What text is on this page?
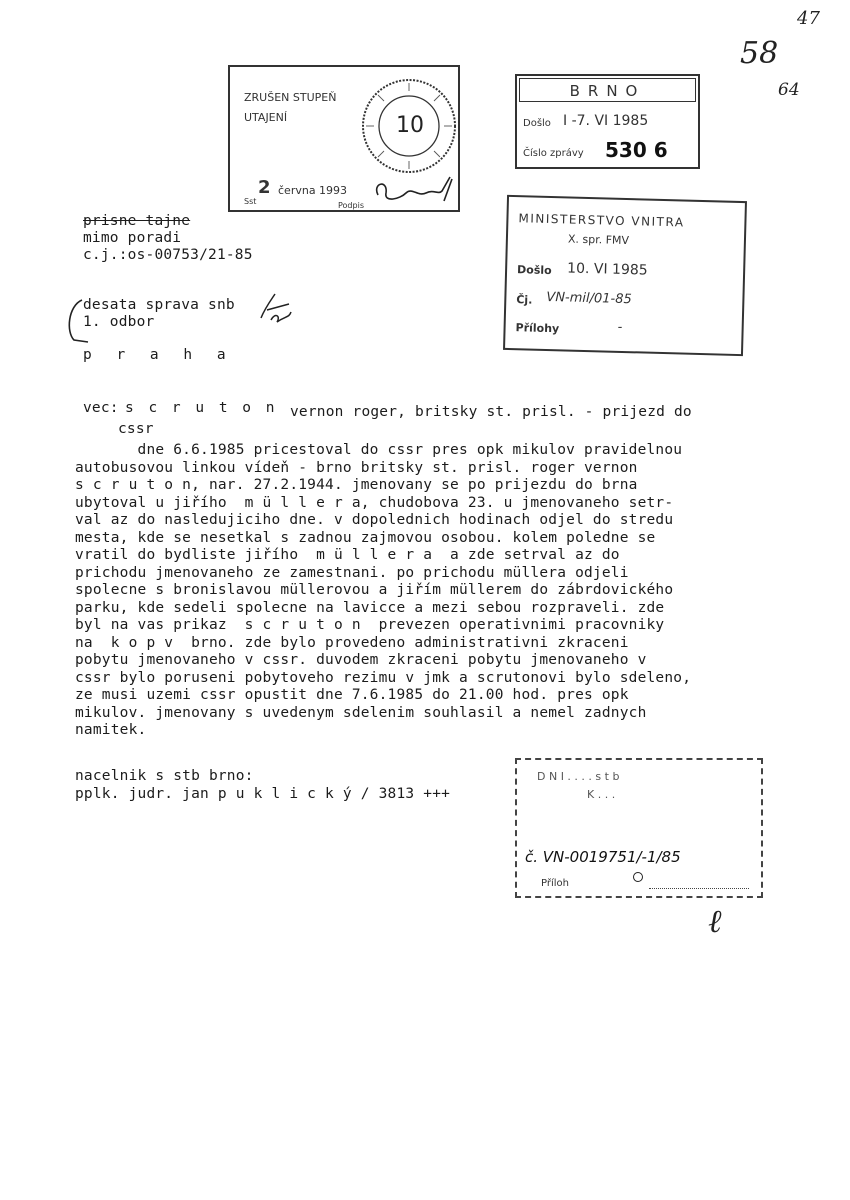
47
58
64
ZRUŠEN STUPEŇ
UTAJENÍ	10
2 června 1993
Sst	Podpis
BRNO
Došlo I -7. VI 1985
Číslo zprávy 530 6
MINISTERSTVO VNITRA
X. spr. FMV
Došlo 10. VI 1985
Čj. VN-mil/01-85
Přílohy	-
prisne tajne
mimo poradi
c.j.:os-00753/21-85
desata sprava snb
1. odbor
p r a h a
vec: s c r u t o n vernon roger, britsky st. prisl. - prijezd do
cssr
dne 6.6.1985 pricestoval do cssr pres opk mikulov pravidelnou
autobusovou linkou vídeň - brno britsky st. prisl. roger vernon
s c r u t o n, nar. 27.2.1944. jmenovany se po prijezdu do brna
ubytoval u jiřího  m ü l l e r a, chudobova 23. u jmenovaneho setr-
val az do nasledujiciho dne. v dopolednich hodinach odjel do stredu
mesta, kde se nesetkal s zadnou zajmovou osobou. kolem poledne se
vratil do bydliste jiřího  m ü l l e r a  a zde setrval az do
prichodu jmenovaneho ze zamestnani. po prichodu müllera odjeli
spolecne s bronislavou müllerovou a jiřím müllerem do zábrdovického
parku, kde sedeli spolecne na lavicce a mezi sebou rozpraveli. zde
byl na vas prikaz  s c r u t o n  prevezen operativnimi pracovniky
na  k o p v  brno. zde bylo provedeno administrativni zkraceni
pobytu jmenovaneho v cssr. duvodem zkraceni pobytu jmenovaneho v
cssr bylo poruseni pobytoveho rezimu v jmk a scrutonovi bylo sdeleno,
ze musi uzemi cssr opustit dne 7.6.1985 do 21.00 hod. pres opk
mikulov. jmenovany s uvedenym sdelenim souhlasil a nemel zadnych
namitek.
nacelnik s stb brno:
pplk. judr. jan p u k l i c k ý / 3813 +++
D N I . . . . s t b
K . . .
č. VN-0019751/-1/85
Příloh
ℓ
